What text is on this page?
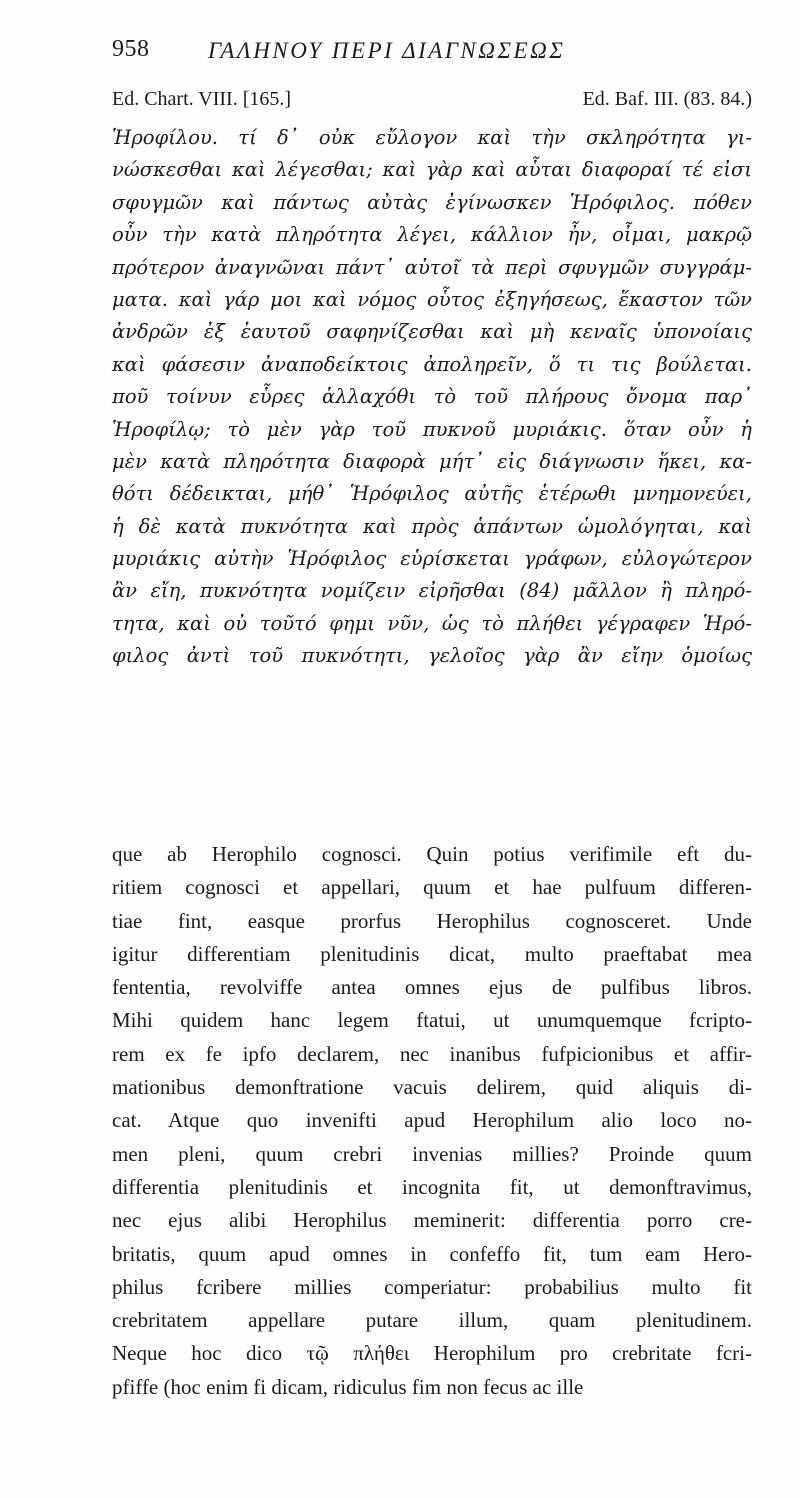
958	ΓΑΛΗΝΟΥ ΠΕΡΙ ΔΙΑΓΝΩΣΕΩΣ
Ed. Chart. VIII. [165.]	Ed. Baf. III. (83. 84.)
Ἡροφίλου. τί δ᾽ οὐκ εὔλογον καὶ τὴν σκληρότητα γι-
νώσκεσθαι καὶ λέγεσθαι; καὶ γὰρ καὶ αὗται διαφοραί τέ εἰσι
σφυγμῶν καὶ πάντως αὐτὰς ἐγίνωσκεν Ἡρόφιλος. πόθεν
οὖν τὴν κατὰ πληρότητα λέγει, κάλλιον ἦν, οἶμαι, μακρῷ
πρότερον ἀναγνῶναι πάντ᾽ αὐτοῖ τὰ περὶ σφυγμῶν συγγράμ-
ματα. καὶ γάρ μοι καὶ νόμος οὗτος ἐξηγήσεως, ἕκαστον τῶν
ἀνδρῶν ἐξ ἑαυτοῦ σαφηνίζεσθαι καὶ μὴ κεναῖς ὑπονοίαις
καὶ φάσεσιν ἀναποδείκτοις ἀποληρεῖν, ὅ τι τις βούλεται.
ποῦ τοίνυν εὗρες ἀλλαχόθι τὸ τοῦ πλήρους ὄνομα παρ᾽
Ἡροφίλῳ; τὸ μὲν γὰρ τοῦ πυκνοῦ μυριάκις. ὅταν οὖν ἡ
μὲν κατὰ πληρότητα διαφορὰ μήτ᾽ εἰς διάγνωσιν ἥκει, κα-
θότι δέδεικται, μήθ᾽ Ἡρόφιλος αὐτῆς ἑτέρωθι μνημονεύει,
ἡ δὲ κατὰ πυκνότητα καὶ πρὸς ἁπάντων ὡμολόγηται, καὶ
μυριάκις αὐτὴν Ἡρόφιλος εὑρίσκεται γράφων, εὐλογώτερον
ἂν εἴη, πυκνότητα νομίζειν εἰρῆσθαι (84) μᾶλλον ἢ πληρό-
τητα, καὶ οὐ τοῦτό φημι νῦν, ὡς τὸ πλήθει γέγραφεν Ἡρό-
φιλος ἀντὶ τοῦ πυκνότητι, γελοῖος γὰρ ἂν εἴην ὁμοίως
que ab Herophilo cognosci. Quin potius verifimile eft du-
ritiem cognosci et appellari, quum et hae pulfuum differen-
tiae fint, easque prorfus Herophilus cognosceret. Unde
igitur differentiam plenitudinis dicat, multo praeftabat mea
fententia, revolviffe antea omnes ejus de pulfibus libros.
Mihi quidem hanc legem ftatui, ut unumquemque fcripto-
rem ex fe ipfo declarem, nec inanibus fufpicionibus et affir-
mationibus demonftratione vacuis delirem, quid aliquis di-
cat. Atque quo invenifti apud Herophilum alio loco no-
men pleni, quum crebri invenias millies? Proinde quum
differentia plenitudinis et incognita fit, ut demonftravimus,
nec ejus alibi Herophilus meminerit: differentia porro cre-
britatis, quum apud omnes in confeffo fit, tum eam Hero-
philus fcribere millies comperiatur: probabilius multo fit
crebritatem appellare putare illum, quam plenitudinem.
Neque hoc dico τῷ πλήθει Herophilum pro crebritate fcri-
pfiffe (hoc enim fi dicam, ridiculus fim non fecus ac ille
